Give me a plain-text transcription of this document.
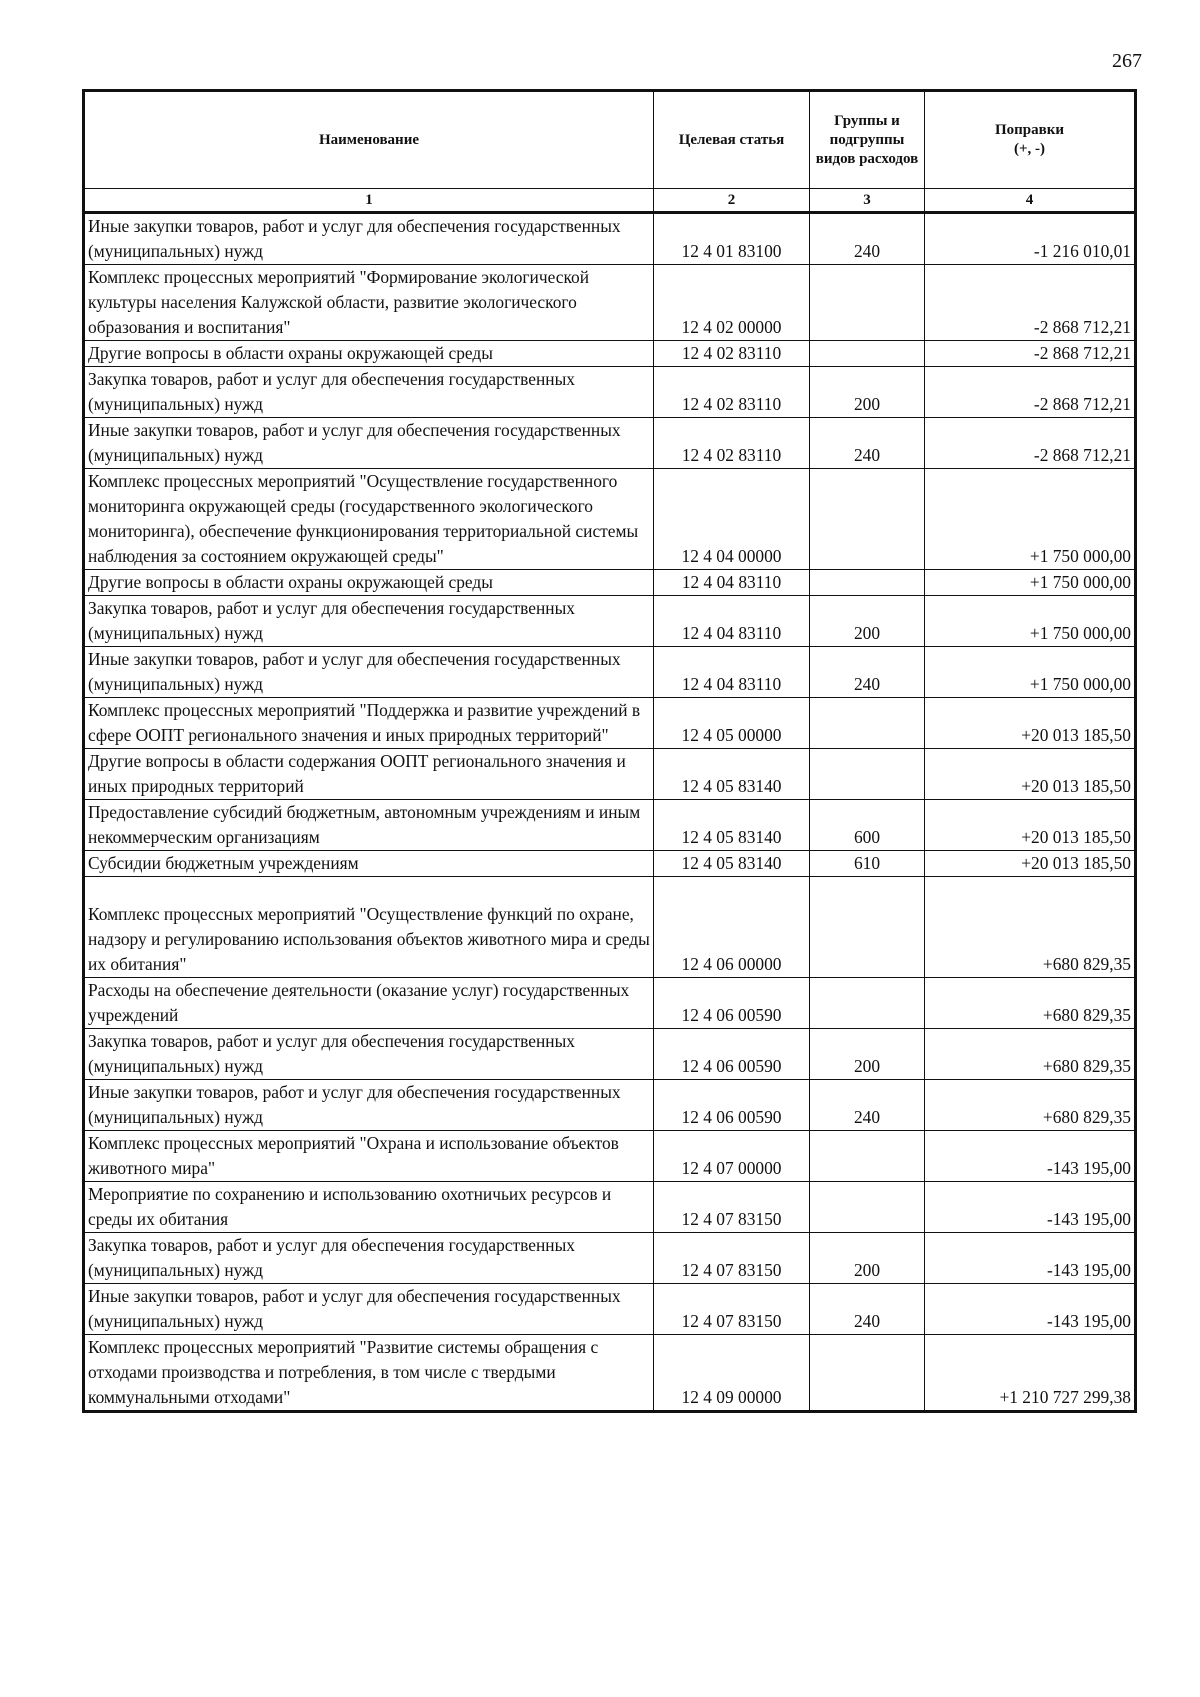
267
Наименование	Целевая статья	Группы и подгруппы видов расходов	Поправки
(+, -)
1	2	3	4
Иные закупки товаров, работ и услуг для обеспечения государственных (муниципальных) нужд	12 4 01 83100	240	-1 216 010,01
Комплекс процессных мероприятий "Формирование экологической культуры населения Калужской области, развитие экологического образования и воспитания"	12 4 02 00000		-2 868 712,21
Другие вопросы в области охраны окружающей среды	12 4 02 83110		-2 868 712,21
Закупка товаров, работ и услуг для обеспечения государственных (муниципальных) нужд	12 4 02 83110	200	-2 868 712,21
Иные закупки товаров, работ и услуг для обеспечения государственных (муниципальных) нужд	12 4 02 83110	240	-2 868 712,21
Комплекс процессных мероприятий "Осуществление государственного мониторинга окружающей среды (государственного экологического мониторинга), обеспечение функционирования территориальной системы наблюдения за состоянием окружающей среды"	12 4 04 00000		+1 750 000,00
Другие вопросы в области охраны окружающей среды	12 4 04 83110		+1 750 000,00
Закупка товаров, работ и услуг для обеспечения государственных (муниципальных) нужд	12 4 04 83110	200	+1 750 000,00
Иные закупки товаров, работ и услуг для обеспечения государственных (муниципальных) нужд	12 4 04 83110	240	+1 750 000,00
Комплекс процессных мероприятий "Поддержка и развитие учреждений в сфере ООПТ регионального значения и иных природных территорий"	12 4 05 00000		+20 013 185,50
Другие вопросы в области содержания ООПТ регионального значения и иных природных территорий	12 4 05 83140		+20 013 185,50
Предоставление субсидий бюджетным, автономным учреждениям и иным некоммерческим организациям	12 4 05 83140	600	+20 013 185,50
Субсидии бюджетным учреждениям	12 4 05 83140	610	+20 013 185,50
Комплекс процессных мероприятий "Осуществление функций по охране, надзору и регулированию использования объектов животного мира и среды их обитания"	12 4 06 00000		+680 829,35
Расходы на обеспечение деятельности (оказание услуг) государственных учреждений	12 4 06 00590		+680 829,35
Закупка товаров, работ и услуг для обеспечения государственных (муниципальных) нужд	12 4 06 00590	200	+680 829,35
Иные закупки товаров, работ и услуг для обеспечения государственных (муниципальных) нужд	12 4 06 00590	240	+680 829,35
Комплекс процессных мероприятий "Охрана и использование объектов животного мира"	12 4 07 00000		-143 195,00
Мероприятие по сохранению и использованию охотничьих ресурсов и среды их обитания	12 4 07 83150		-143 195,00
Закупка товаров, работ и услуг для обеспечения государственных (муниципальных) нужд	12 4 07 83150	200	-143 195,00
Иные закупки товаров, работ и услуг для обеспечения государственных (муниципальных) нужд	12 4 07 83150	240	-143 195,00
Комплекс процессных мероприятий "Развитие системы обращения с отходами производства и потребления, в том числе с твердыми коммунальными отходами"	12 4 09 00000		+1 210 727 299,38
